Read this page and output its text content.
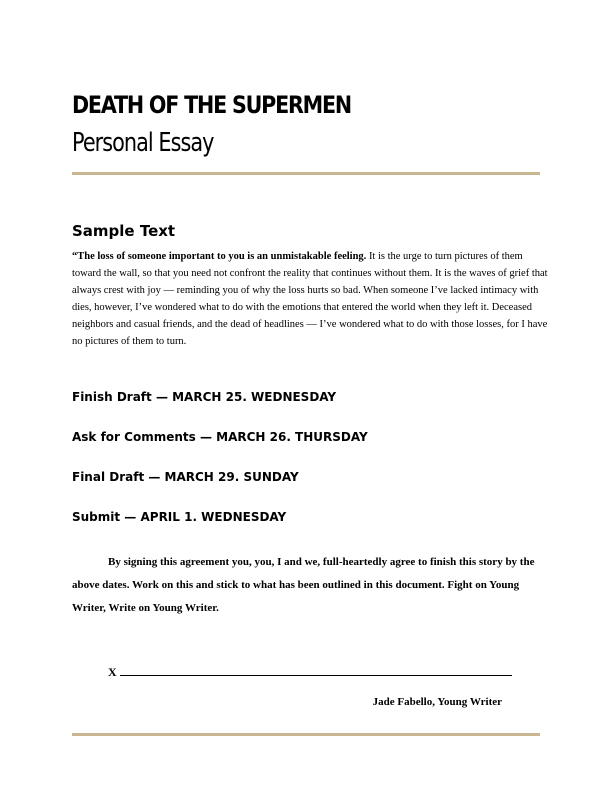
DEATH OF THE SUPERMEN
Personal Essay
Sample Text

“The loss of someone important to you is an unmistakable feeling. It is the urge to turn pictures of them toward the wall, so that you need not confront the reality that continues without them. It is the waves of grief that always crest with joy — reminding you of why the loss hurts so bad. When someone I’ve lacked intimacy with dies, however, I’ve wondered what to do with the emotions that entered the world when they left it. Deceased neighbors and casual friends, and the dead of headlines — I’ve wondered what to do with those losses, for I have no pictures of them to turn.

Finish Draft — MARCH 25. WEDNESDAY

Ask for Comments — MARCH 26. THURSDAY

Final Draft — MARCH 29. SUNDAY

Submit — APRIL 1. WEDNESDAY

By signing this agreement you, you, I and we, full-heartedly agree to finish this story by the above dates. Work on this and stick to what has been outlined in this document. Fight on Young Writer, Write on Young Writer.

X

Jade Fabello, Young Writer
